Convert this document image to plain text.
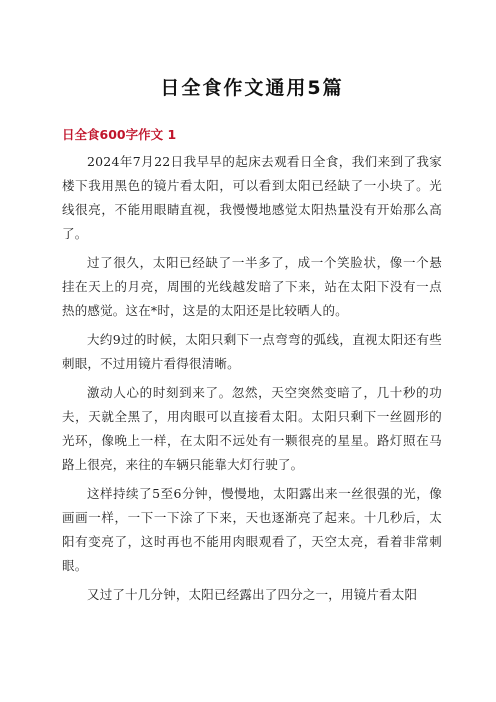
日全食作文通用5篇
日全食600字作文 1

2024年7月22日我早早的起床去观看日全食，我们来到了我家楼下我用黑色的镜片看太阳，可以看到太阳已经缺了一小块了。光线很亮，不能用眼睛直视，我慢慢地感觉太阳热量没有开始那么高了。

过了很久，太阳已经缺了一半多了，成一个笑脸状，像一个悬挂在天上的月亮，周围的光线越发暗了下来，站在太阳下没有一点热的感觉。这在*时，这是的太阳还是比较晒人的。

大约9过的时候，太阳只剩下一点弯弯的弧线，直视太阳还有些刺眼，不过用镜片看得很清晰。

激动人心的时刻到来了。忽然，天空突然变暗了，几十秒的功夫，天就全黑了，用肉眼可以直接看太阳。太阳只剩下一丝圆形的光环，像晚上一样，在太阳不远处有一颗很亮的星星。路灯照在马路上很亮，来往的车辆只能靠大灯行驶了。

这样持续了5至6分钟，慢慢地，太阳露出来一丝很强的光，像画画一样，一下一下涂了下来，天也逐渐亮了起来。十几秒后，太阳有变亮了，这时再也不能用肉眼观看了，天空太亮，看着非常刺眼。

又过了十几分钟，太阳已经露出了四分之一，用镜片看太阳
